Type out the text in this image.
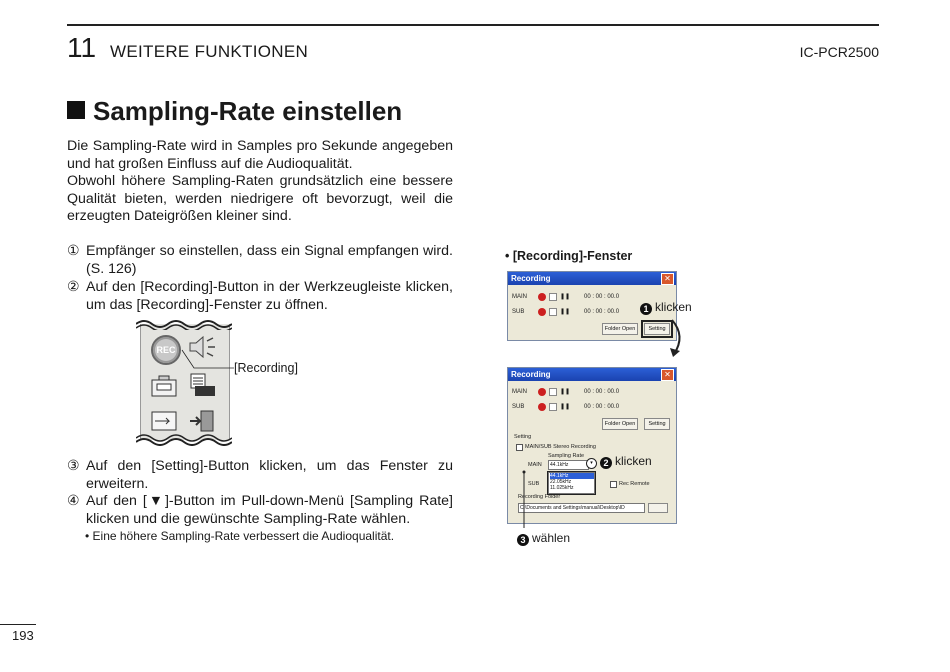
11 WEITERE FUNKTIONEN	IC-PCR2500
Sampling-Rate einstellen
Die Sampling-Rate wird in Samples pro Sekunde angegeben und hat großen Einfluss auf die Audioqualität.
Obwohl höhere Sampling-Raten grundsätzlich eine bessere Qualität bieten, werden niedrigere oft bevorzugt, weil die erzeugten Dateigrößen kleiner sind.
① Empfänger so einstellen, dass ein Signal empfangen wird. (S. 126)
② Auf den [Recording]-Button in der Werkzeugleiste klicken, um das [Recording]-Fenster zu öffnen.
③ Auf den [Setting]-Button klicken, um das Fenster zu erweitern.
④ Auf den [▼]-Button im Pull-down-Menü [Sampling Rate] klicken und die gewünschte Sampling-Rate wählen.
• Eine höhere Sampling-Rate verbessert die Audioqualität.
REC
[Recording]
• [Recording]-Fenster
Recording	✕
MAIN	❚❚ 00 : 00 : 00.0
SUB	❚❚ 00 : 00 : 00.0
Folder Open	Setting
1 klicken
Recording	✕
MAIN	❚❚ 00 : 00 : 00.0
SUB	❚❚ 00 : 00 : 00.0
Folder Open	Setting
Setting
MAIN/SUB Stereo Recording
Sampling Rate
MAIN	44.1kHz	▾
SUB
44.1kHz
22.05kHz
11.025kHz
Rec Remote
Recording Folder
C:\Documents and Settings\manual\Desktop\ID
2 klicken
3 wählen
193
